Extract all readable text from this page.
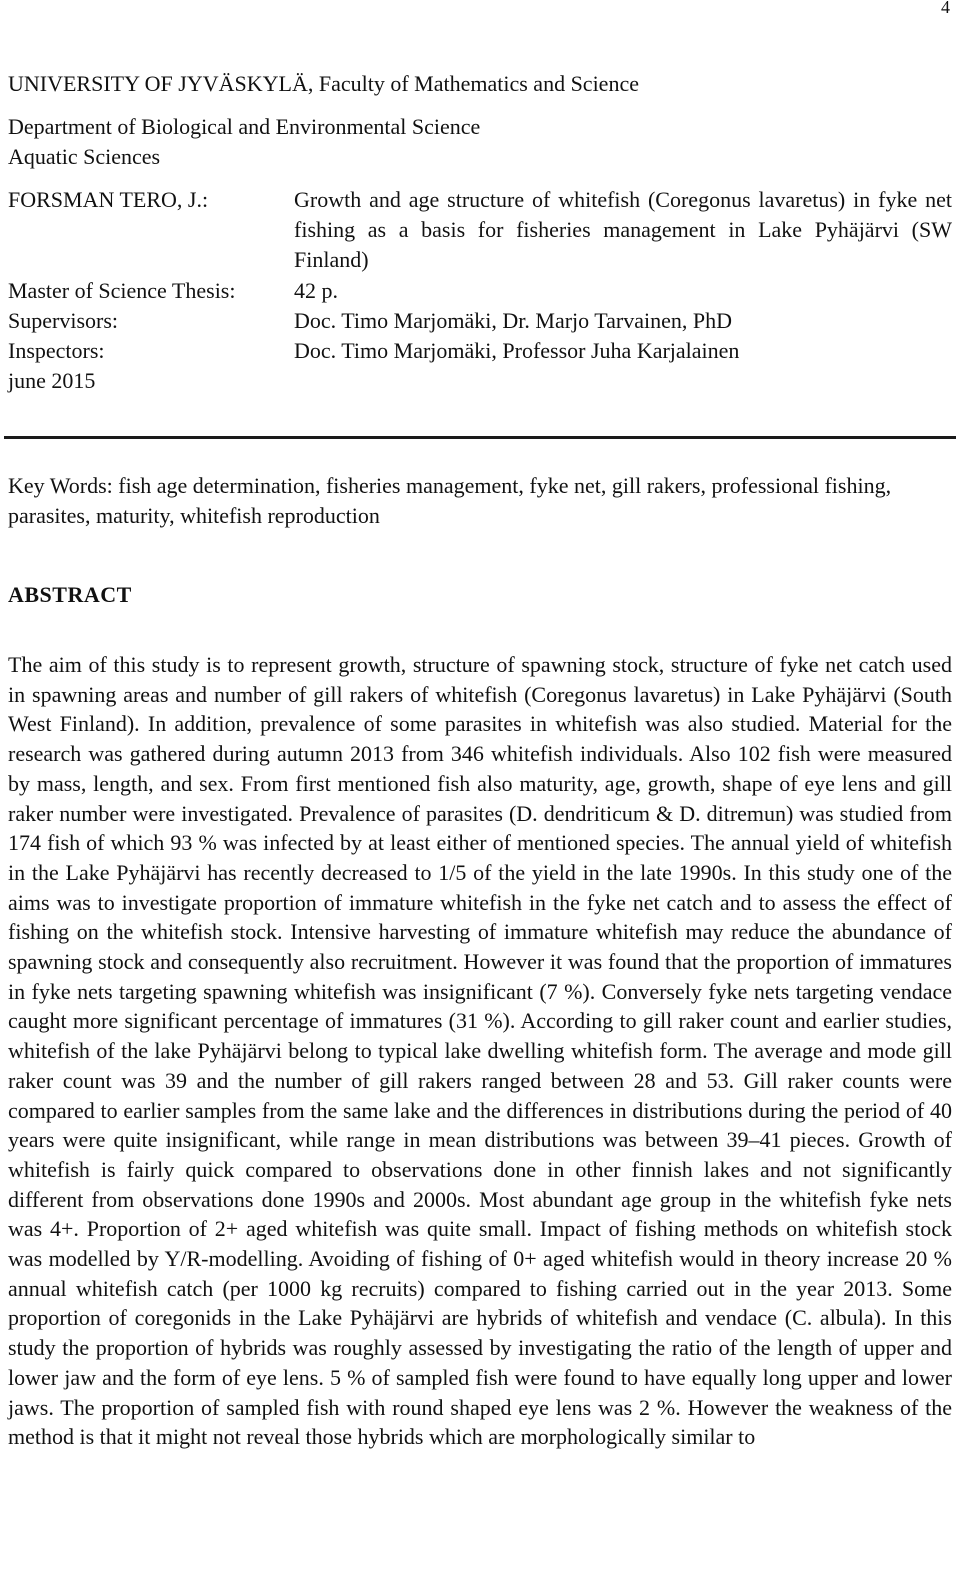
4
UNIVERSITY OF JYVÄSKYLÄ, Faculty of Mathematics and Science
Department of Biological and Environmental Science
Aquatic Sciences
FORSMAN TERO, J.:	Growth and age structure of whitefish (Coregonus lavaretus) in fyke net fishing as a basis for fisheries management in Lake Pyhäjärvi (SW Finland)
Master of Science Thesis:	42 p.
Supervisors:	Doc. Timo Marjomäki, Dr. Marjo Tarvainen, PhD
Inspectors:	Doc. Timo Marjomäki, Professor Juha Karjalainen
june 2015
Key Words: fish age determination, fisheries management, fyke net, gill rakers, professional fishing, parasites, maturity, whitefish reproduction
ABSTRACT
The aim of this study is to represent growth, structure of spawning stock, structure of fyke net catch used in spawning areas and number of gill rakers of whitefish (Coregonus lavaretus) in Lake Pyhäjärvi (South West Finland). In addition, prevalence of some parasites in whitefish was also studied. Material for the research was gathered during autumn 2013 from 346 whitefish individuals. Also 102 fish were measured by mass, length, and sex. From first mentioned fish also maturity, age, growth, shape of eye lens and gill raker number were investigated. Prevalence of parasites (D. dendriticum & D. ditremun) was studied from 174 fish of which 93 % was infected by at least either of mentioned species. The annual yield of whitefish in the Lake Pyhäjärvi has recently decreased to 1/5 of the yield in the late 1990s. In this study one of the aims was to investigate proportion of immature whitefish in the fyke net catch and to assess the effect of fishing on the whitefish stock. Intensive harvesting of immature whitefish may reduce the abundance of spawning stock and consequently also recruitment. However it was found that the proportion of immatures in fyke nets targeting spawning whitefish was insignificant (7 %). Conversely fyke nets targeting vendace caught more significant percentage of immatures (31 %). According to gill raker count and earlier studies, whitefish of the lake Pyhäjärvi belong to typical lake dwelling whitefish form. The average and mode gill raker count was 39 and the number of gill rakers ranged between 28 and 53. Gill raker counts were compared to earlier samples from the same lake and the differences in distributions during the period of 40 years were quite insignificant, while range in mean distributions was between 39–41 pieces. Growth of whitefish is fairly quick compared to observations done in other finnish lakes and not significantly different from observations done 1990s and 2000s. Most abundant age group in the whitefish fyke nets was 4+. Proportion of 2+ aged whitefish was quite small. Impact of fishing methods on whitefish stock was modelled by Y/R-modelling. Avoiding of fishing of 0+ aged whitefish would in theory increase 20 % annual whitefish catch (per 1000 kg recruits) compared to fishing carried out in the year 2013. Some proportion of coregonids in the Lake Pyhäjärvi are hybrids of whitefish and vendace (C. albula). In this study the proportion of hybrids was roughly assessed by investigating the ratio of the length of upper and lower jaw and the form of eye lens. 5 % of sampled fish were found to have equally long upper and lower jaws. The proportion of sampled fish with round shaped eye lens was 2 %. However the weakness of the method is that it might not reveal those hybrids which are morphologically similar to
